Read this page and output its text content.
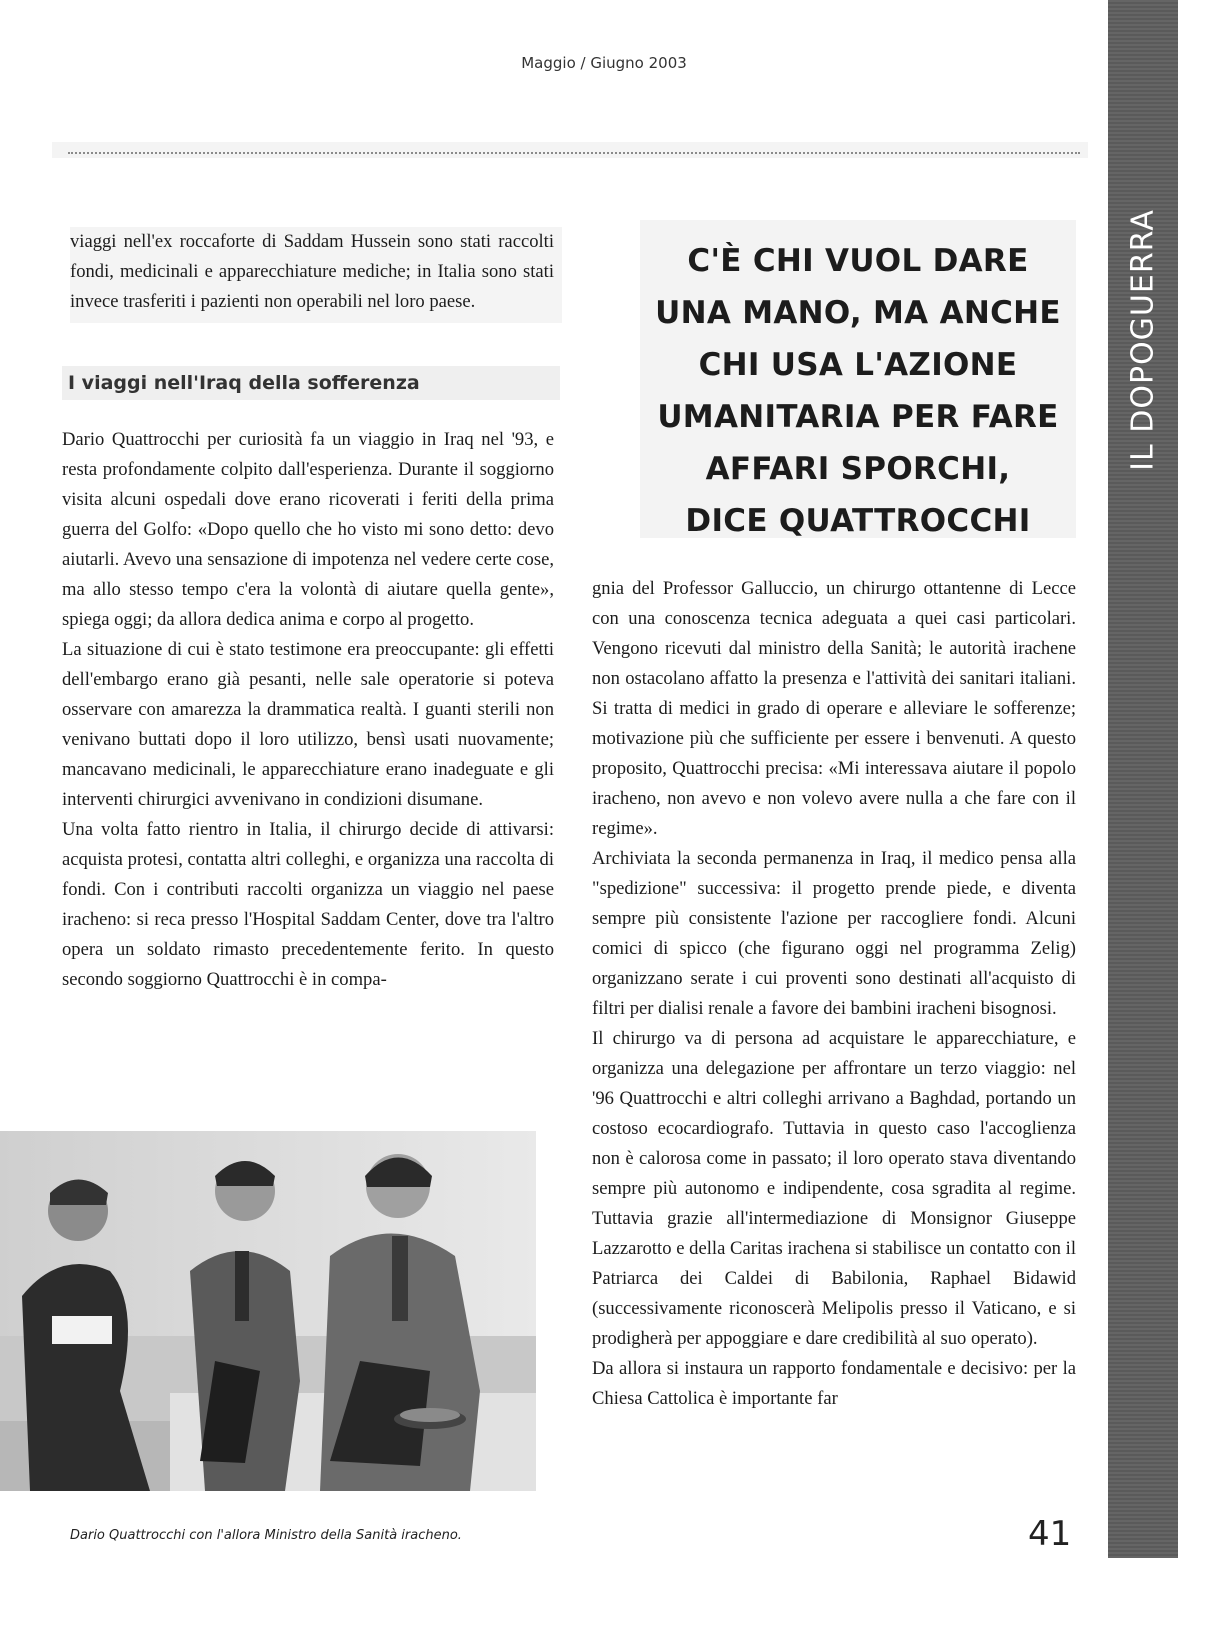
Maggio / Giugno 2003
IL DOPOGUERRA

viaggi nell'ex roccaforte di Saddam Hussein sono stati raccolti fondi, medicinali e apparecchiature mediche; in Italia sono stati invece trasferiti i pazienti non operabili nel loro paese.

I viaggi nell'Iraq della sofferenza

Dario Quattrocchi per curiosità fa un viaggio in Iraq nel '93, e resta profondamente colpito dall'esperienza. Durante il soggiorno visita alcuni ospedali dove erano ricoverati i feriti della prima guerra del Golfo: «Dopo quello che ho visto mi sono detto: devo aiutarli. Avevo una sensazione di impotenza nel vedere certe cose, ma allo stesso tempo c'era la volontà di aiutare quella gente», spiega oggi; da allora dedica anima e corpo al progetto.

La situazione di cui è stato testimone era preoccupante: gli effetti dell'embargo erano già pesanti, nelle sale operatorie si poteva osservare con amarezza la drammatica realtà. I guanti sterili non venivano buttati dopo il loro utilizzo, bensì usati nuovamente; mancavano medicinali, le apparecchiature erano inadeguate e gli interventi chirurgici avvenivano in condizioni disumane.

Una volta fatto rientro in Italia, il chirurgo decide di attivarsi: acquista protesi, contatta altri colleghi, e organizza una raccolta di fondi. Con i contributi raccolti organizza un viaggio nel paese iracheno: si reca presso l'Hospital Saddam Center, dove tra l'altro opera un soldato rimasto precedentemente ferito. In questo secondo soggiorno Quattrocchi è in compa-

C'È CHI VUOL DARE
UNA MANO, MA ANCHE
CHI USA L'AZIONE
UMANITARIA PER FARE
AFFARI SPORCHI,
DICE QUATTROCCHI

gnia del Professor Galluccio, un chirurgo ottantenne di Lecce con una conoscenza tecnica adeguata a quei casi particolari. Vengono ricevuti dal ministro della Sanità; le autorità irachene non ostacolano affatto la presenza e l'attività dei sanitari italiani. Si tratta di medici in grado di operare e alleviare le sofferenze; motivazione più che sufficiente per essere i benvenuti. A questo proposito, Quattrocchi precisa: «Mi interessava aiutare il popolo iracheno, non avevo e non volevo avere nulla a che fare con il regime».

Archiviata la seconda permanenza in Iraq, il medico pensa alla "spedizione" successiva: il progetto prende piede, e diventa sempre più consistente l'azione per raccogliere fondi. Alcuni comici di spicco (che figurano oggi nel programma Zelig) organizzano serate i cui proventi sono destinati all'acquisto di filtri per dialisi renale a favore dei bambini iracheni bisognosi.

Il chirurgo va di persona ad acquistare le apparecchiature, e organizza una delegazione per affrontare un terzo viaggio: nel '96 Quattrocchi e altri colleghi arrivano a Baghdad, portando un costoso ecocardiografo. Tuttavia in questo caso l'accoglienza non è calorosa come in passato; il loro operato stava diventando sempre più autonomo e indipendente, cosa sgradita al regime. Tuttavia grazie all'intermediazione di Monsignor Giuseppe Lazzarotto e della Caritas irachena si stabilisce un contatto con il Patriarca dei Caldei di Babilonia, Raphael Bidawid (successivamente riconoscerà Melipolis presso il Vaticano, e si prodigherà per appoggiare e dare credibilità al suo operato).

Da allora si instaura un rapporto fondamentale e decisivo: per la Chiesa Cattolica è importante far

Dario Quattrocchi con l'allora Ministro della Sanità iracheno.	41
